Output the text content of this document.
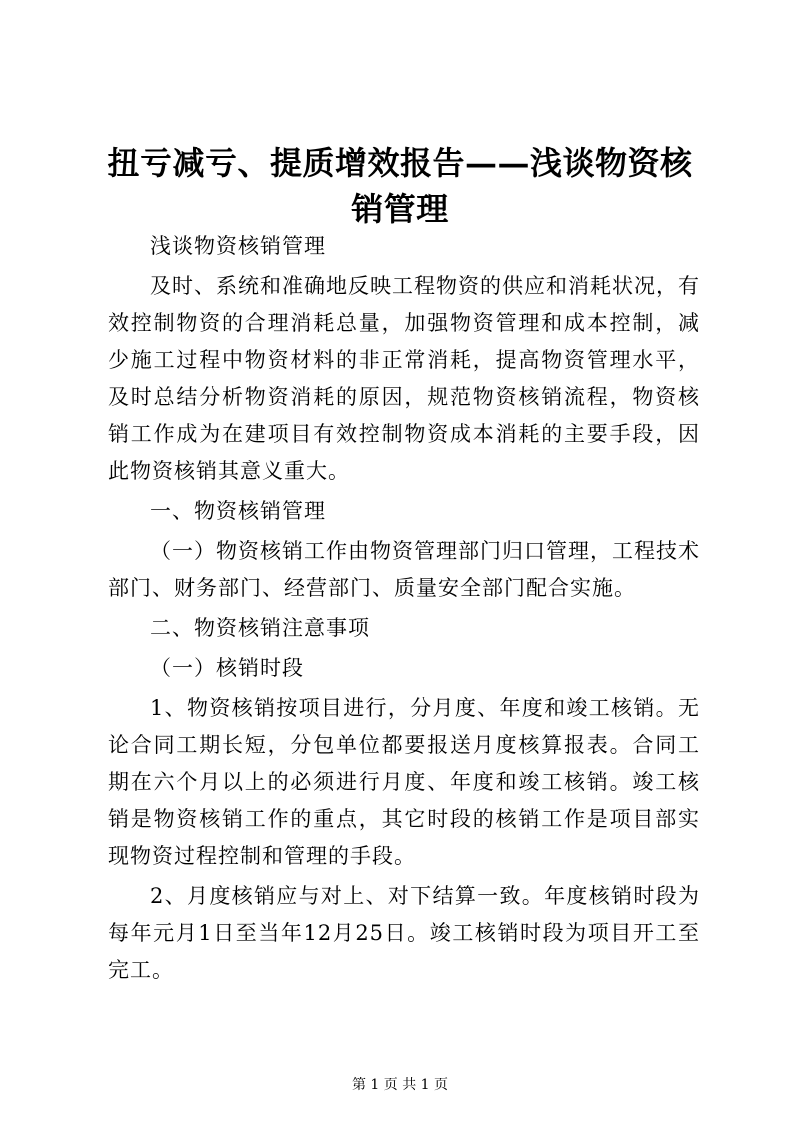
扭亏减亏、提质增效报告——浅谈物资核销管理

浅谈物资核销管理

及时、系统和准确地反映工程物资的供应和消耗状况，有效控制物资的合理消耗总量，加强物资管理和成本控制，减少施工过程中物资材料的非正常消耗，提高物资管理水平，及时总结分析物资消耗的原因，规范物资核销流程，物资核销工作成为在建项目有效控制物资成本消耗的主要手段，因此物资核销其意义重大。

一、物资核销管理

（一）物资核销工作由物资管理部门归口管理，工程技术部门、财务部门、经营部门、质量安全部门配合实施。

二、物资核销注意事项

（一）核销时段

1、物资核销按项目进行，分月度、年度和竣工核销。无论合同工期长短，分包单位都要报送月度核算报表。合同工期在六个月以上的必须进行月度、年度和竣工核销。竣工核销是物资核销工作的重点，其它时段的核销工作是项目部实现物资过程控制和管理的手段。

2、月度核销应与对上、对下结算一致。年度核销时段为每年元月1日至当年12月25日。竣工核销时段为项目开工至完工。

第 1 页 共 1 页
